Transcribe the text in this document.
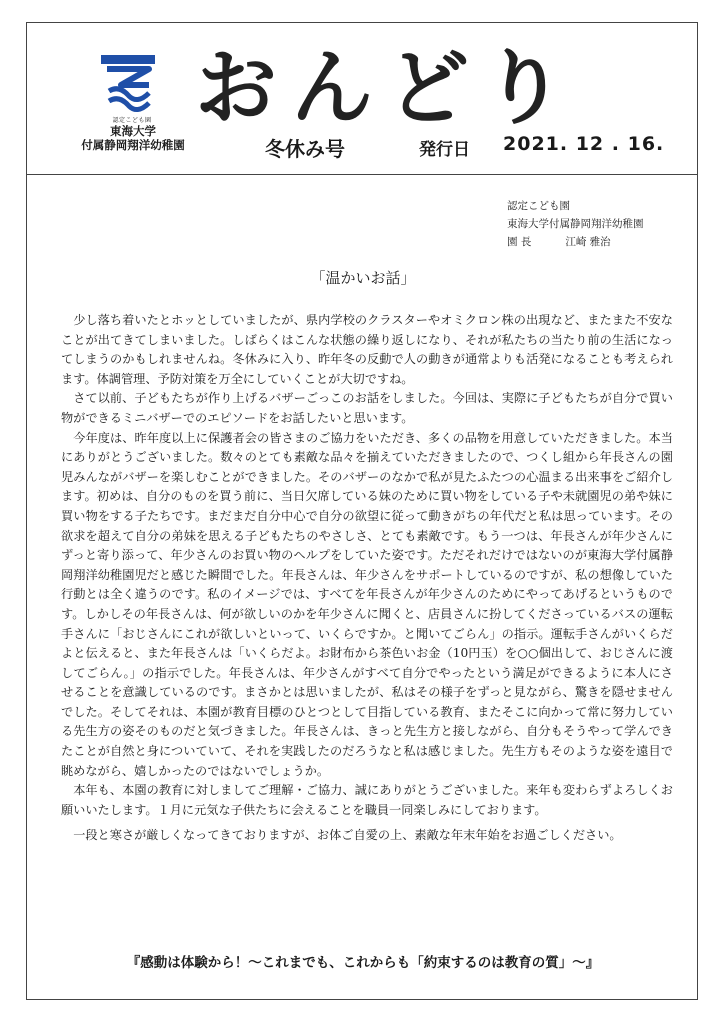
認定こども園
東海大学
付属静岡翔洋幼稚園
おんどり
冬休み号	発行日 2021. 12 . 16.
認定こども園
東海大学付属静岡翔洋幼稚園
園 長	江崎 雅治
「温かいお話」

少し落ち着いたとホッとしていましたが、県内学校のクラスターやオミクロン株の出現など、またまた不安なことが出てきてしまいました。しばらくはこんな状態の繰り返しになり、それが私たちの当たり前の生活になってしまうのかもしれませんね。冬休みに入り、昨年冬の反動で人の動きが通常よりも活発になることも考えられます。体調管理、予防対策を万全にしていくことが大切ですね。

さて以前、子どもたちが作り上げるバザーごっこのお話をしました。今回は、実際に子どもたちが自分で買い物ができるミニバザーでのエピソードをお話したいと思います。

今年度は、昨年度以上に保護者会の皆さまのご協力をいただき、多くの品物を用意していただきました。本当にありがとうございました。数々のとても素敵な品々を揃えていただきましたので、つくし組から年長さんの園児みんながバザーを楽しむことができました。そのバザーのなかで私が見たふたつの心温まる出来事をご紹介します。初めは、自分のものを買う前に、当日欠席している妹のために買い物をしている子や未就園児の弟や妹に買い物をする子たちです。まだまだ自分中心で自分の欲望に従って動きがちの年代だと私は思っています。その欲求を超えて自分の弟妹を思える子どもたちのやさしさ、とても素敵です。もう一つは、年長さんが年少さんにずっと寄り添って、年少さんのお買い物のヘルプをしていた姿です。ただそれだけではないのが東海大学付属静岡翔洋幼稚園児だと感じた瞬間でした。年長さんは、年少さんをサポートしているのですが、私の想像していた行動とは全く違うのです。私のイメージでは、すべてを年長さんが年少さんのためにやってあげるというものです。しかしその年長さんは、何が欲しいのかを年少さんに聞くと、店員さんに扮してくださっているバスの運転手さんに「おじさんにこれが欲しいといって、いくらですか。と聞いてごらん」の指示。運転手さんがいくらだよと伝えると、また年長さんは「いくらだよ。お財布から茶色いお金（10円玉）を○○個出して、おじさんに渡してごらん。」の指示でした。年長さんは、年少さんがすべて自分でやったという満足ができるように本人にさせることを意識しているのです。まさかとは思いましたが、私はその様子をずっと見ながら、驚きを隠せませんでした。そしてそれは、本園が教育目標のひとつとして目指している教育、またそこに向かって常に努力している先生方の姿そのものだと気づきました。年長さんは、きっと先生方と接しながら、自分もそうやって学んできたことが自然と身についていて、それを実践したのだろうなと私は感じました。先生方もそのような姿を遠目で眺めながら、嬉しかったのではないでしょうか。

本年も、本園の教育に対しましてご理解・ご協力、誠にありがとうございました。来年も変わらずよろしくお願いいたします。１月に元気な子供たちに会えることを職員一同楽しみにしております。

一段と寒さが厳しくなってきておりますが、お体ご自愛の上、素敵な年末年始をお過ごしください。

『感動は体験から！～これまでも、これからも「約束するのは教育の質」～』
